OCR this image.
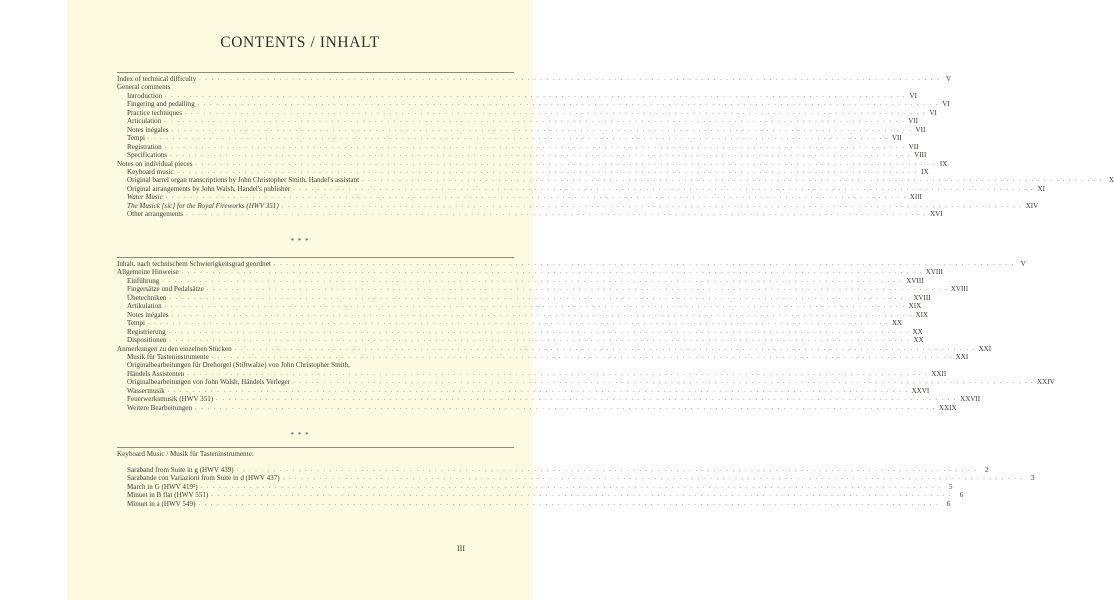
CONTENTS / INHALT
Index of technical difficulty . . . . . . . . . . . . . . . . . . . . . . . . . . . . . . . . . . . . . . . . . . . . . . . . . . . . . . . . . . . . . . . . . . . . . . . . . . . . . . . . . . . . . . . . . . . . . . . . . . . . . . . . . . . . . . . . . . . . . . . . V
General comments
Introduction . . . . . . . . . . . . . . . . . . . . . . . . . . . . . . . . . . . . . . . . . . . . . . . . . . . . . . . . . . . . . . . . . . . . . . . . . . . . . . . . . . . . . . . . . . . . . . . . . . . . . . . . . . . . . . . . . . . . . . . . VI
Fingering and pedalling . . . . . . . . . . . . . . . . . . . . . . . . . . . . . . . . . . . . . . . . . . . . . . . . . . . . . . . . . . . . . . . . . . . . . . . . . . . . . . . . . . . . . . . . . . . . . . . . . . . . . . . . . . . . . . . . . . . . . . . . VI
Practice techniques . . . . . . . . . . . . . . . . . . . . . . . . . . . . . . . . . . . . . . . . . . . . . . . . . . . . . . . . . . . . . . . . . . . . . . . . . . . . . . . . . . . . . . . . . . . . . . . . . . . . . . . . . . . . . . . . . . . . . . . . VI
Articulation . . . . . . . . . . . . . . . . . . . . . . . . . . . . . . . . . . . . . . . . . . . . . . . . . . . . . . . . . . . . . . . . . . . . . . . . . . . . . . . . . . . . . . . . . . . . . . . . . . . . . . . . . . . . . . . . . . . . . . . . VII
Notes inégales . . . . . . . . . . . . . . . . . . . . . . . . . . . . . . . . . . . . . . . . . . . . . . . . . . . . . . . . . . . . . . . . . . . . . . . . . . . . . . . . . . . . . . . . . . . . . . . . . . . . . . . . . . . . . . . . . . . . . . . . VII
Tempi . . . . . . . . . . . . . . . . . . . . . . . . . . . . . . . . . . . . . . . . . . . . . . . . . . . . . . . . . . . . . . . . . . . . . . . . . . . . . . . . . . . . . . . . . . . . . . . . . . . . . . . . . . . . . . . . . . . . . . . . VII
Registration . . . . . . . . . . . . . . . . . . . . . . . . . . . . . . . . . . . . . . . . . . . . . . . . . . . . . . . . . . . . . . . . . . . . . . . . . . . . . . . . . . . . . . . . . . . . . . . . . . . . . . . . . . . . . . . . . . . . . . . . VII
Specifications . . . . . . . . . . . . . . . . . . . . . . . . . . . . . . . . . . . . . . . . . . . . . . . . . . . . . . . . . . . . . . . . . . . . . . . . . . . . . . . . . . . . . . . . . . . . . . . . . . . . . . . . . . . . . . . . . . . . . . . . VIII
Notes on individual pieces . . . . . . . . . . . . . . . . . . . . . . . . . . . . . . . . . . . . . . . . . . . . . . . . . . . . . . . . . . . . . . . . . . . . . . . . . . . . . . . . . . . . . . . . . . . . . . . . . . . . . . . . . . . . . . . . . . . . . . . . IX
Keyboard music . . . . . . . . . . . . . . . . . . . . . . . . . . . . . . . . . . . . . . . . . . . . . . . . . . . . . . . . . . . . . . . . . . . . . . . . . . . . . . . . . . . . . . . . . . . . . . . . . . . . . . . . . . . . . . . . . . . . . . . . IX
Original barrel organ transcriptions by John Christopher Smith, Handel's assistant . . . . . . . . . . . . . . . . . . . . . . . . . . . . . . . . . . . . . . . . . . . . . . . . . . . . . . . . . . . . . . . . . . . . . . . . . . . . . . . . . . . . . . . . . . . . . . . . . . . . . . . . . . . . . . . . . . . . . . . . X
Original arrangements by John Walsh, Handel's publisher . . . . . . . . . . . . . . . . . . . . . . . . . . . . . . . . . . . . . . . . . . . . . . . . . . . . . . . . . . . . . . . . . . . . . . . . . . . . . . . . . . . . . . . . . . . . . . . . . . . . . . . . . . . . . . . . . . . . . . . . XI
Water Music . . . . . . . . . . . . . . . . . . . . . . . . . . . . . . . . . . . . . . . . . . . . . . . . . . . . . . . . . . . . . . . . . . . . . . . . . . . . . . . . . . . . . . . . . . . . . . . . . . . . . . . . . . . . . . . . . . . . . . . . XIII
The Musick [sic] for the Royal Fireworks (HWV 351) . . . . . . . . . . . . . . . . . . . . . . . . . . . . . . . . . . . . . . . . . . . . . . . . . . . . . . . . . . . . . . . . . . . . . . . . . . . . . . . . . . . . . . . . . . . . . . . . . . . . . . . . . . . . . . . . . . . . . . . . XIV
Other arrangements . . . . . . . . . . . . . . . . . . . . . . . . . . . . . . . . . . . . . . . . . . . . . . . . . . . . . . . . . . . . . . . . . . . . . . . . . . . . . . . . . . . . . . . . . . . . . . . . . . . . . . . . . . . . . . . . . . . . . . . . XVI
* * *
Inhalt, nach technischem Schwierigkeitsgrad geordnet . . . . . . . . . . . . . . . . . . . . . . . . . . . . . . . . . . . . . . . . . . . . . . . . . . . . . . . . . . . . . . . . . . . . . . . . . . . . . . . . . . . . . . . . . . . . . . . . . . . . . . . . . . . . . . . . . . . . . . . . V
Allgemeine Hinweise . . . . . . . . . . . . . . . . . . . . . . . . . . . . . . . . . . . . . . . . . . . . . . . . . . . . . . . . . . . . . . . . . . . . . . . . . . . . . . . . . . . . . . . . . . . . . . . . . . . . . . . . . . . . . . . . . . . . . . . . XVIII
Einführung . . . . . . . . . . . . . . . . . . . . . . . . . . . . . . . . . . . . . . . . . . . . . . . . . . . . . . . . . . . . . . . . . . . . . . . . . . . . . . . . . . . . . . . . . . . . . . . . . . . . . . . . . . . . . . . . . . . . . . . . XVIII
Fingersätze und Pedalsätze . . . . . . . . . . . . . . . . . . . . . . . . . . . . . . . . . . . . . . . . . . . . . . . . . . . . . . . . . . . . . . . . . . . . . . . . . . . . . . . . . . . . . . . . . . . . . . . . . . . . . . . . . . . . . . . . . . . . . . . . XVIII
Übetechniken . . . . . . . . . . . . . . . . . . . . . . . . . . . . . . . . . . . . . . . . . . . . . . . . . . . . . . . . . . . . . . . . . . . . . . . . . . . . . . . . . . . . . . . . . . . . . . . . . . . . . . . . . . . . . . . . . . . . . . . . XVIII
Artikulation . . . . . . . . . . . . . . . . . . . . . . . . . . . . . . . . . . . . . . . . . . . . . . . . . . . . . . . . . . . . . . . . . . . . . . . . . . . . . . . . . . . . . . . . . . . . . . . . . . . . . . . . . . . . . . . . . . . . . . . . XIX
Notes inégales . . . . . . . . . . . . . . . . . . . . . . . . . . . . . . . . . . . . . . . . . . . . . . . . . . . . . . . . . . . . . . . . . . . . . . . . . . . . . . . . . . . . . . . . . . . . . . . . . . . . . . . . . . . . . . . . . . . . . . . . XIX
Tempi . . . . . . . . . . . . . . . . . . . . . . . . . . . . . . . . . . . . . . . . . . . . . . . . . . . . . . . . . . . . . . . . . . . . . . . . . . . . . . . . . . . . . . . . . . . . . . . . . . . . . . . . . . . . . . . . . . . . . . . . XX
Registrierung . . . . . . . . . . . . . . . . . . . . . . . . . . . . . . . . . . . . . . . . . . . . . . . . . . . . . . . . . . . . . . . . . . . . . . . . . . . . . . . . . . . . . . . . . . . . . . . . . . . . . . . . . . . . . . . . . . . . . . . . XX
Dispositionen . . . . . . . . . . . . . . . . . . . . . . . . . . . . . . . . . . . . . . . . . . . . . . . . . . . . . . . . . . . . . . . . . . . . . . . . . . . . . . . . . . . . . . . . . . . . . . . . . . . . . . . . . . . . . . . . . . . . . . . . XX
Anmerkungen zu den einzelnen Stücken . . . . . . . . . . . . . . . . . . . . . . . . . . . . . . . . . . . . . . . . . . . . . . . . . . . . . . . . . . . . . . . . . . . . . . . . . . . . . . . . . . . . . . . . . . . . . . . . . . . . . . . . . . . . . . . . . . . . . . . . XXI
Musik für Tasteninstrumente . . . . . . . . . . . . . . . . . . . . . . . . . . . . . . . . . . . . . . . . . . . . . . . . . . . . . . . . . . . . . . . . . . . . . . . . . . . . . . . . . . . . . . . . . . . . . . . . . . . . . . . . . . . . . . . . . . . . . . . . XXI
Originalbearbeitungen für Drehorgel (Stiftwalze) von John Christopher Smith,
Händels Assistenten . . . . . . . . . . . . . . . . . . . . . . . . . . . . . . . . . . . . . . . . . . . . . . . . . . . . . . . . . . . . . . . . . . . . . . . . . . . . . . . . . . . . . . . . . . . . . . . . . . . . . . . . . . . . . . . . . . . . . . . . XXII
Originalbearbeitungen von John Walsh, Händels Verleger . . . . . . . . . . . . . . . . . . . . . . . . . . . . . . . . . . . . . . . . . . . . . . . . . . . . . . . . . . . . . . . . . . . . . . . . . . . . . . . . . . . . . . . . . . . . . . . . . . . . . . . . . . . . . . . . . . . . . . . . XXIV
Wassermusik . . . . . . . . . . . . . . . . . . . . . . . . . . . . . . . . . . . . . . . . . . . . . . . . . . . . . . . . . . . . . . . . . . . . . . . . . . . . . . . . . . . . . . . . . . . . . . . . . . . . . . . . . . . . . . . . . . . . . . . . XXVI
Feuerwerksmusik (HWV 351) . . . . . . . . . . . . . . . . . . . . . . . . . . . . . . . . . . . . . . . . . . . . . . . . . . . . . . . . . . . . . . . . . . . . . . . . . . . . . . . . . . . . . . . . . . . . . . . . . . . . . . . . . . . . . . . . . . . . . . . . XXVII
Weitere Bearbeitungen . . . . . . . . . . . . . . . . . . . . . . . . . . . . . . . . . . . . . . . . . . . . . . . . . . . . . . . . . . . . . . . . . . . . . . . . . . . . . . . . . . . . . . . . . . . . . . . . . . . . . . . . . . . . . . . . . . . . . . . . XXIX
* * *
Keyboard Music / Musik für Tasteninstrumente:
Saraband from Suite in g (HWV 439) . . . . . . . . . . . . . . . . . . . . . . . . . . . . . . . . . . . . . . . . . . . . . . . . . . . . . . . . . . . . . . . . . . . . . . . . . . . . . . . . . . . . . . . . . . . . . . . . . . . . . . . . . . . . . . . . . . . . . . . .	2
Sarabande con Variazioni from Suite in d (HWV 437) . . . . . . . . . . . . . . . . . . . . . . . . . . . . . . . . . . . . . . . . . . . . . . . . . . . . . . . . . . . . . . . . . . . . . . . . . . . . . . . . . . . . . . . . . . . . . . . . . . . . . . . . . . . . . . . . . . . . . . . .	3
March in G (HWV 419³) . . . . . . . . . . . . . . . . . . . . . . . . . . . . . . . . . . . . . . . . . . . . . . . . . . . . . . . . . . . . . . . . . . . . . . . . . . . . . . . . . . . . . . . . . . . . . . . . . . . . . . . . . . . . . . . . . . . . . . . .	5
Minuet in B flat (HWV 551) . . . . . . . . . . . . . . . . . . . . . . . . . . . . . . . . . . . . . . . . . . . . . . . . . . . . . . . . . . . . . . . . . . . . . . . . . . . . . . . . . . . . . . . . . . . . . . . . . . . . . . . . . . . . . . . . . . . . . . . .	6
Minuet in a (HWV 549) . . . . . . . . . . . . . . . . . . . . . . . . . . . . . . . . . . . . . . . . . . . . . . . . . . . . . . . . . . . . . . . . . . . . . . . . . . . . . . . . . . . . . . . . . . . . . . . . . . . . . . . . . . . . . . . . . . . . . . . .	6
III
